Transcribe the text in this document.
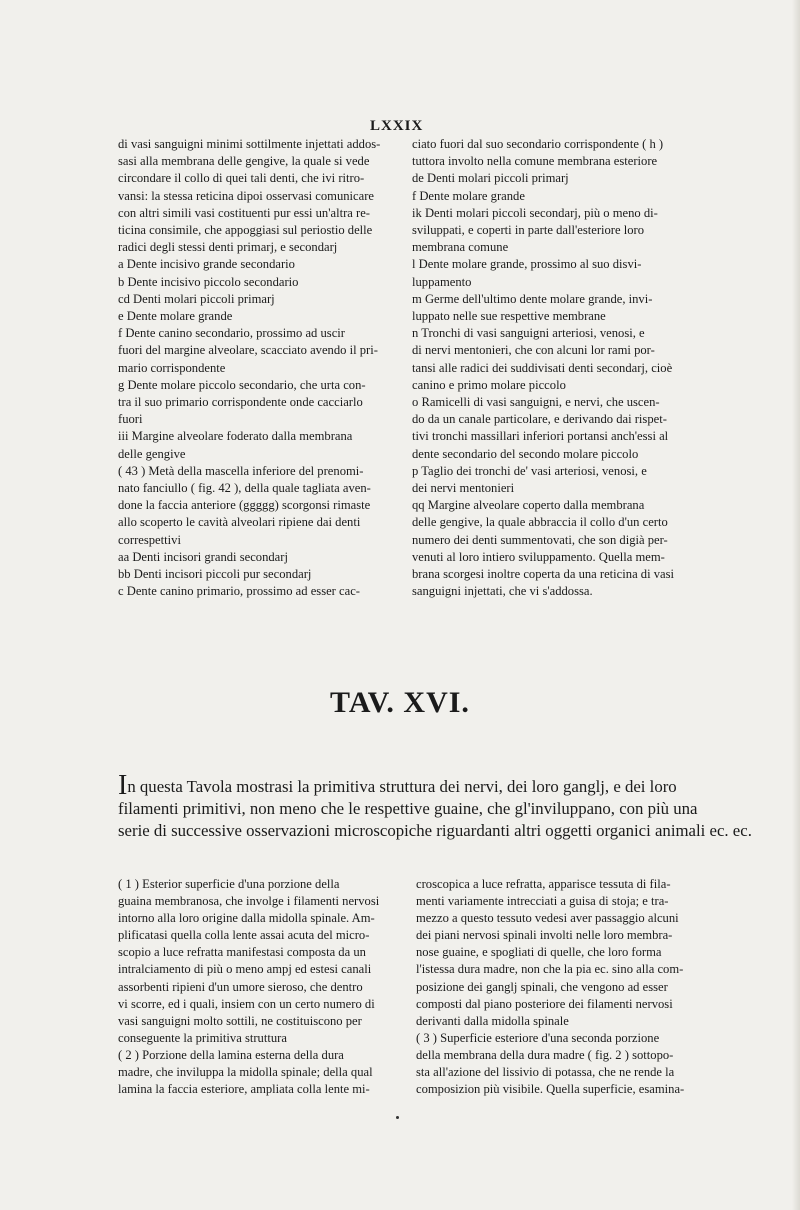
LXXIX
di vasi sanguigni minimi sottilmente injettati addos-
sasi alla membrana delle gengive, la quale si vede
circondare il collo di quei tali denti, che ivi ritro-
vansi: la stessa reticina dipoi osservasi comunicare
con altri simili vasi costituenti pur essi un'altra re-
ticina consimile, che appoggiasi sul periostio delle
radici degli stessi denti primarj, e secondarj
a Dente incisivo grande secondario
b Dente incisivo piccolo secondario
cd Denti molari piccoli primarj
e Dente molare grande
f Dente canino secondario, prossimo ad uscir
fuori del margine alveolare, scacciato avendo il pri-
mario corrispondente
g Dente molare piccolo secondario, che urta con-
tra il suo primario corrispondente onde cacciarlo
fuori
iii Margine alveolare foderato dalla membrana
delle gengive
( 43 ) Metà della mascella inferiore del prenomi-
nato fanciullo ( fig. 42 ), della quale tagliata aven-
done la faccia anteriore (ggggg) scorgonsi rimaste
allo scoperto le cavità alveolari ripiene dai denti
correspettivi
aa Denti incisori grandi secondarj
bb Denti incisori piccoli pur secondarj
c Dente canino primario, prossimo ad esser cac-
ciato fuori dal suo secondario corrispondente ( h )
tuttora involto nella comune membrana esteriore
de Denti molari piccoli primarj
f Dente molare grande
ik Denti molari piccoli secondarj, più o meno di-
sviluppati, e coperti in parte dall'esteriore loro
membrana comune
l Dente molare grande, prossimo al suo disvi-
luppamento
m Germe dell'ultimo dente molare grande, invi-
luppato nelle sue respettive membrane
n Tronchi di vasi sanguigni arteriosi, venosi, e
di nervi mentonieri, che con alcuni lor rami por-
tansi alle radici dei suddivisati denti secondarj, cioè
canino e primo molare piccolo
o Ramicelli di vasi sanguigni, e nervi, che uscen-
do da un canale particolare, e derivando dai rispet-
tivi tronchi massillari inferiori portansi anch'essi al
dente secondario del secondo molare piccolo
p Taglio dei tronchi de' vasi arteriosi, venosi, e
dei nervi mentonieri
qq Margine alveolare coperto dalla membrana
delle gengive, la quale abbraccia il collo d'un certo
numero dei denti summentovati, che son digià per-
venuti al loro intiero sviluppamento. Quella mem-
brana scorgesi inoltre coperta da una reticina di vasi
sanguigni injettati, che vi s'addossa.
TAV. XVI.
In questa Tavola mostrasi la primitiva struttura dei nervi, dei loro ganglj, e dei loro
filamenti primitivi, non meno che le respettive guaine, che gl'inviluppano, con più una
serie di successive osservazioni microscopiche riguardanti altri oggetti organici animali ec. ec.
( 1 ) Esterior superficie d'una porzione della
guaina membranosa, che involge i filamenti nervosi
intorno alla loro origine dalla midolla spinale. Am-
plificatasi quella colla lente assai acuta del micro-
scopio a luce refratta manifestasi composta da un
intralciamento di più o meno ampj ed estesi canali
assorbenti ripieni d'un umore sieroso, che dentro
vi scorre, ed i quali, insiem con un certo numero di
vasi sanguigni molto sottili, ne costituiscono per
conseguente la primitiva struttura
( 2 ) Porzione della lamina esterna della dura
madre, che inviluppa la midolla spinale; della qual
lamina la faccia esteriore, ampliata colla lente mi-
croscopica a luce refratta, apparisce tessuta di fila-
menti variamente intrecciati a guisa di stoja; e tra-
mezzo a questo tessuto vedesi aver passaggio alcuni
dei piani nervosi spinali involti nelle loro membra-
nose guaine, e spogliati di quelle, che loro forma
l'istessa dura madre, non che la pia ec. sino alla com-
posizione dei ganglj spinali, che vengono ad esser
composti dal piano posteriore dei filamenti nervosi
derivanti dalla midolla spinale
( 3 ) Superficie esteriore d'una seconda porzione
della membrana della dura madre ( fig. 2 ) sottopo-
sta all'azione del lissivio di potassa, che ne rende la
composizion più visibile. Quella superficie, esamina-
